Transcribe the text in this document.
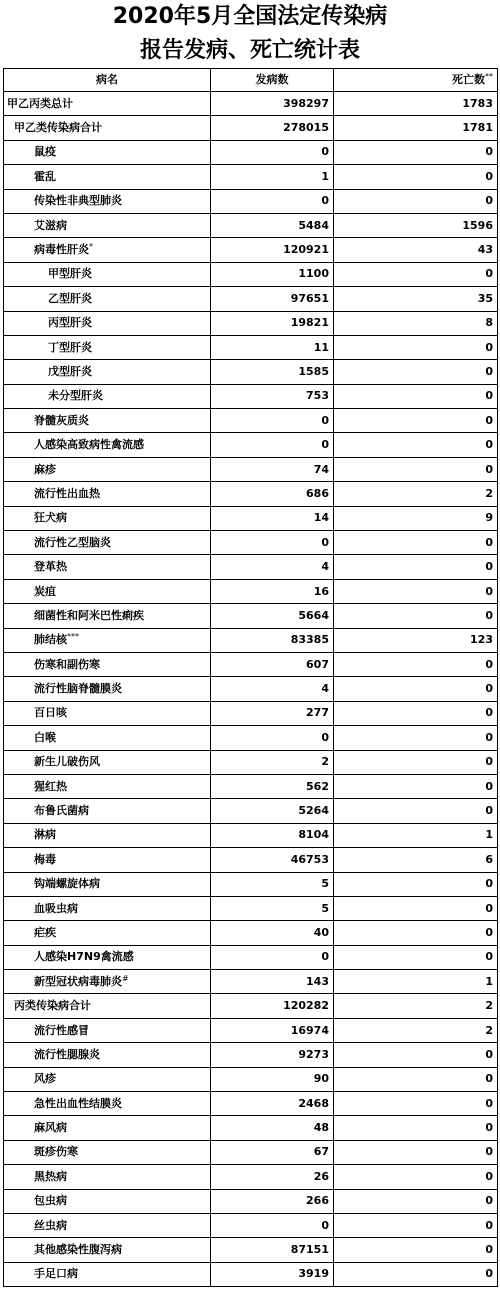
2020年5月全国法定传染病
报告发病、死亡统计表
病名	发病数	死亡数**
甲乙丙类总计	398297	1783
甲乙类传染病合计	278015	1781
鼠疫	0	0
霍乱	1	0
传染性非典型肺炎	0	0
艾滋病	5484	1596
病毒性肝炎*	120921	43
甲型肝炎	1100	0
乙型肝炎	97651	35
丙型肝炎	19821	8
丁型肝炎	11	0
戊型肝炎	1585	0
未分型肝炎	753	0
脊髓灰质炎	0	0
人感染高致病性禽流感	0	0
麻疹	74	0
流行性出血热	686	2
狂犬病	14	9
流行性乙型脑炎	0	0
登革热	4	0
炭疽	16	0
细菌性和阿米巴性痢疾	5664	0
肺结核***	83385	123
伤寒和副伤寒	607	0
流行性脑脊髓膜炎	4	0
百日咳	277	0
白喉	0	0
新生儿破伤风	2	0
猩红热	562	0
布鲁氏菌病	5264	0
淋病	8104	1
梅毒	46753	6
钩端螺旋体病	5	0
血吸虫病	5	0
疟疾	40	0
人感染H7N9禽流感	0	0
新型冠状病毒肺炎#	143	1
丙类传染病合计	120282	2
流行性感冒	16974	2
流行性腮腺炎	9273	0
风疹	90	0
急性出血性结膜炎	2468	0
麻风病	48	0
斑疹伤寒	67	0
黑热病	26	0
包虫病	266	0
丝虫病	0	0
其他感染性腹泻病	87151	0
手足口病	3919	0
